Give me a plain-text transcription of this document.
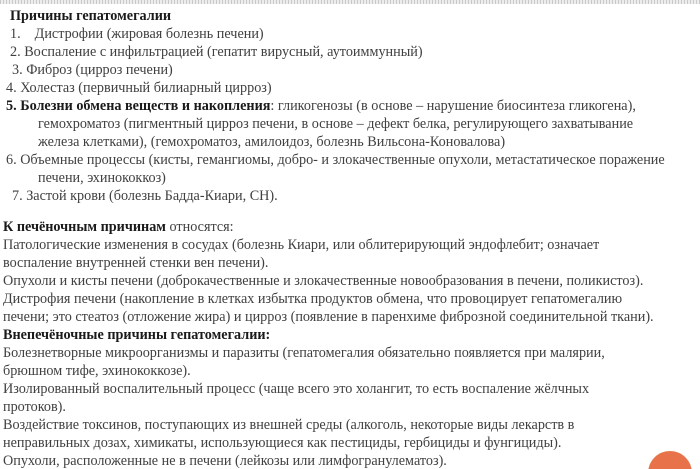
Причины гепатомегалии
1. Дистрофии (жировая болезнь печени)
2. Воспаление с инфильтрацией (гепатит вирусный, аутоиммунный)
3. Фиброз (цирроз печени)
4. Холестаз (первичный билиарный цирроз)
5. Болезни обмена веществ и накопления: гликогенозы (в основе – нарушение биосинтеза гликогена),
гемохроматоз (пигментный цирроз печени, в основе – дефект белка, регулирующего захватывание
железа клетками), (гемохроматоз, амилоидоз, болезнь Вильсона-Коновалова)
6. Объемные процессы (кисты, гемангиомы, добро- и злокачественные опухоли, метастатическое поражение
печени, эхинококкоз)
7. Застой крови (болезнь Бадда-Киари, СН).
К печёночным причинам относятся:
Патологические изменения в сосудах (болезнь Киари, или облитерирующий эндофлебит; означает
воспаление внутренней стенки вен печени).
Опухоли и кисты печени (доброкачественные и злокачественные новообразования в печени, поликистоз).
Дистрофия печени (накопление в клетках избытка продуктов обмена, что провоцирует гепатомегалию
печени; это стеатоз (отложение жира) и цирроз (появление в паренхиме фиброзной соединительной ткани).
Внепечёночные причины гепатомегалии:
Болезнетворные микроорганизмы и паразиты (гепатомегалия обязательно появляется при малярии,
брюшном тифе, эхинококкозе).
Изолированный воспалительный процесс (чаще всего это холангит, то есть воспаление жёлчных
протоков).
Воздействие токсинов, поступающих из внешней среды (алкоголь, некоторые виды лекарств в
неправильных дозах, химикаты, использующиеся как пестициды, гербициды и фунгициды).
Опухоли, расположенные не в печени (лейкозы или лимфогранулематоз).
